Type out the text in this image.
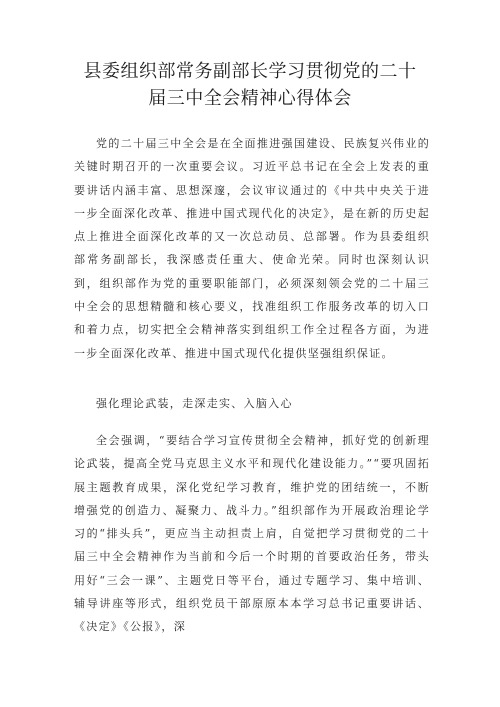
县委组织部常务副部长学习贯彻党的二十
届三中全会精神心得体会

党的二十届三中全会是在全面推进强国建设、民族复兴伟业的关键时期召开的一次重要会议。习近平总书记在全会上发表的重要讲话内涵丰富、思想深邃，会议审议通过的《中共中央关于进一步全面深化改革、推进中国式现代化的决定》，是在新的历史起点上推进全面深化改革的又一次总动员、总部署。作为县委组织部常务副部长，我深感责任重大、使命光荣。同时也深刻认识到，组织部作为党的重要职能部门，必须深刻领会党的二十届三中全会的思想精髓和核心要义，找准组织工作服务改革的切入口和着力点，切实把全会精神落实到组织工作全过程各方面，为进一步全面深化改革、推进中国式现代化提供坚强组织保证。

强化理论武装，走深走实、入脑入心

全会强调，“要结合学习宣传贯彻全会精神，抓好党的创新理论武装，提高全党马克思主义水平和现代化建设能力。”“要巩固拓展主题教育成果，深化党纪学习教育，维护党的团结统一，不断增强党的创造力、凝聚力、战斗力。”组织部作为开展政治理论学习的“排头兵”，更应当主动担责上肩，自觉把学习贯彻党的二十届三中全会精神作为当前和今后一个时期的首要政治任务，带头用好“三会一课”、主题党日等平台，通过专题学习、集中培训、辅导讲座等形式，组织党员干部原原本本学习总书记重要讲话、《决定》《公报》，深
